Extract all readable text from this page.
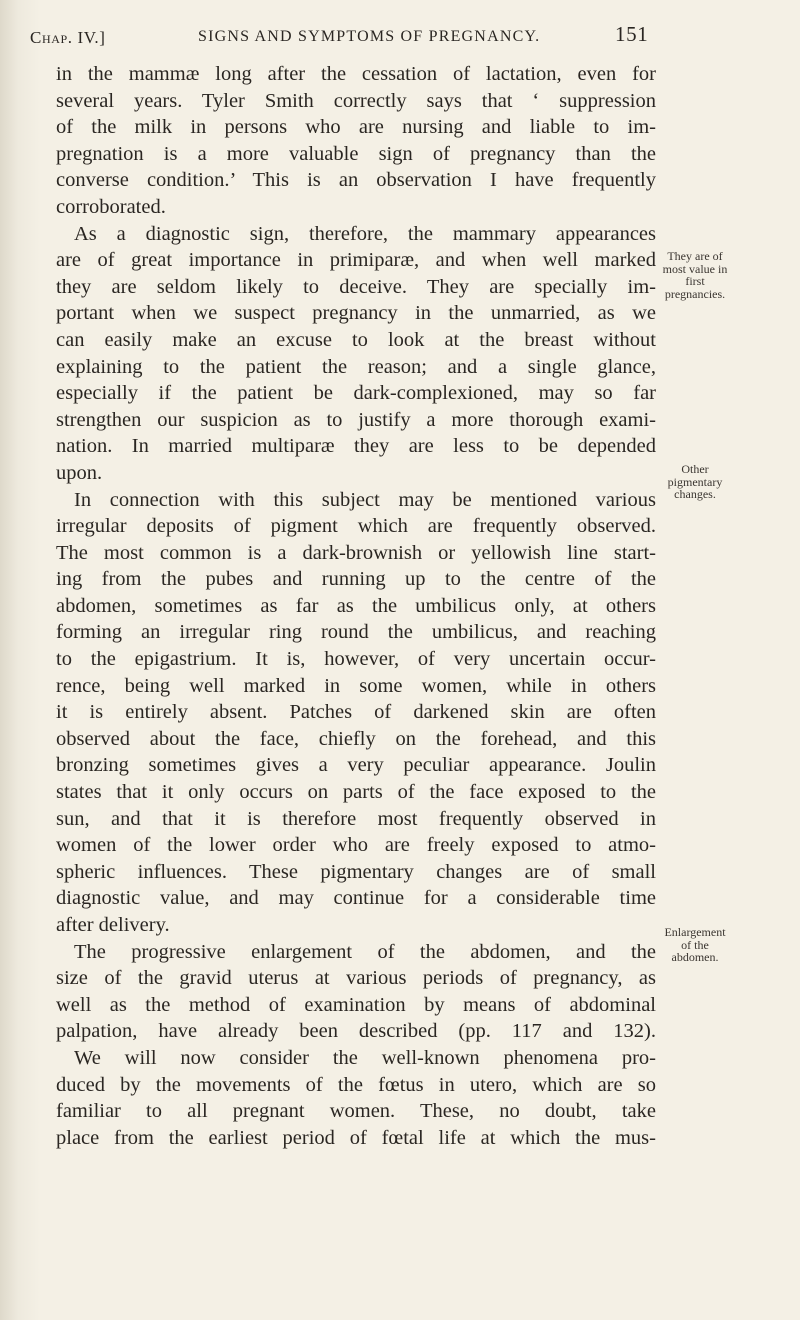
Chap. IV.]	SIGNS AND SYMPTOMS OF PREGNANCY.	151
in the mammæ long after the cessation of lactation, even for
several years. Tyler Smith correctly says that ‘ suppression
of the milk in persons who are nursing and liable to im-
pregnation is a more valuable sign of pregnancy than the
converse condition.’ This is an observation I have frequently
corroborated.
As a diagnostic sign, therefore, the mammary appearances
are of great importance in primiparæ, and when well marked
they are seldom likely to deceive. They are specially im-
portant when we suspect pregnancy in the unmarried, as we
can easily make an excuse to look at the breast without
explaining to the patient the reason; and a single glance,
especially if the patient be dark-complexioned, may so far
strengthen our suspicion as to justify a more thorough exami-
nation. In married multiparæ they are less to be depended
upon.
In connection with this subject may be mentioned various
irregular deposits of pigment which are frequently observed.
The most common is a dark-brownish or yellowish line start-
ing from the pubes and running up to the centre of the
abdomen, sometimes as far as the umbilicus only, at others
forming an irregular ring round the umbilicus, and reaching
to the epigastrium. It is, however, of very uncertain occur-
rence, being well marked in some women, while in others
it is entirely absent. Patches of darkened skin are often
observed about the face, chiefly on the forehead, and this
bronzing sometimes gives a very peculiar appearance. Joulin
states that it only occurs on parts of the face exposed to the
sun, and that it is therefore most frequently observed in
women of the lower order who are freely exposed to atmo-
spheric influences. These pigmentary changes are of small
diagnostic value, and may continue for a considerable time
after delivery.
The progressive enlargement of the abdomen, and the
size of the gravid uterus at various periods of pregnancy, as
well as the method of examination by means of abdominal
palpation, have already been described (pp. 117 and 132).
We will now consider the well-known phenomena pro-
duced by the movements of the fœtus in utero, which are so
familiar to all pregnant women. These, no doubt, take
place from the earliest period of fœtal life at which the mus-
They are of most value in first pregnancies.
Other pigmentary changes.
Enlargement of the abdomen.
